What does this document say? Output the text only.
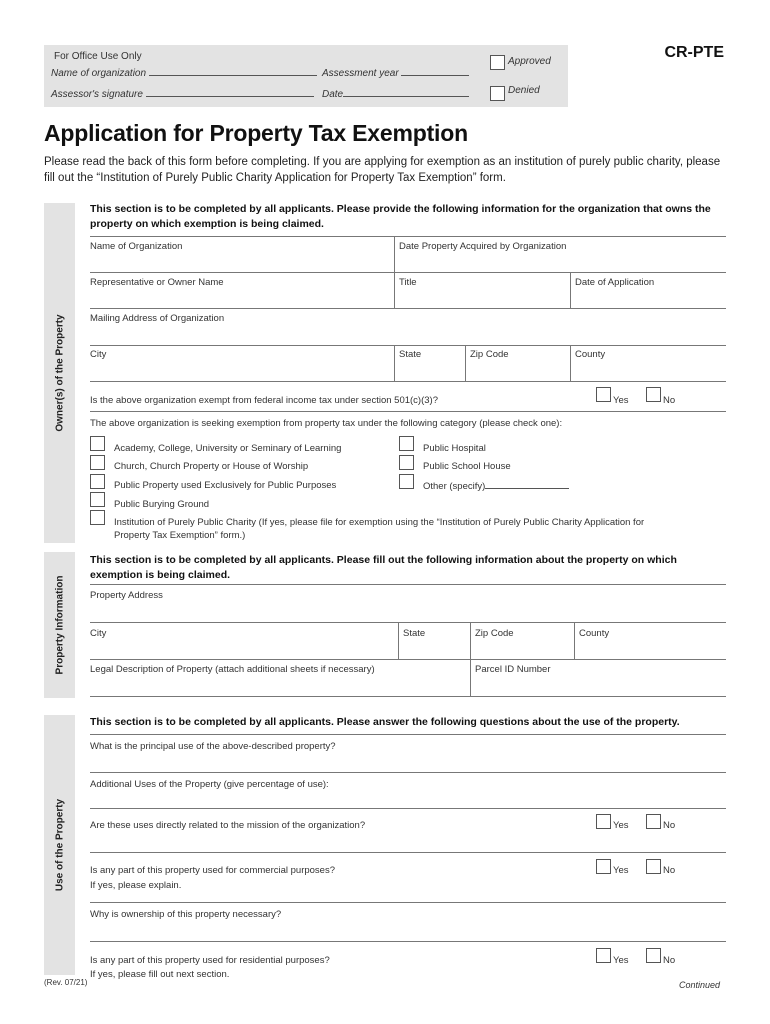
For Office Use Only
Name of organization	Assessment year
Assessor's signature	Date
Approved
Denied
CR-PTE
Application for Property Tax Exemption
Please read the back of this form before completing. If you are applying for exemption as an institution of purely public charity, please fill out the “Institution of Purely Public Charity Application for Property Tax Exemption” form.
Owner(s) of the Property
This section is to be completed by all applicants. Please provide the following information for the organization that owns the property on which exemption is being claimed.
Name of Organization	Date Property Acquired by Organization
Representative or Owner Name	Title	Date of Application
Mailing Address of Organization
City	State	Zip Code	County
Is the above organization exempt from federal income tax under section 501(c)(3)?	Yes	No
The above organization is seeking exemption from property tax under the following category (please check one):
Academy, College, University or Seminary of Learning
Church, Church Property or House of Worship
Public Property used Exclusively for Public Purposes
Public Burying Ground
Institution of Purely Public Charity (If yes, please file for exemption using the “Institution of Purely Public Charity Application for
Property Tax Exemption” form.)
Public Hospital
Public School House
Other (specify)
Property Information
This section is to be completed by all applicants. Please fill out the following information about the property on which exemption is being claimed.
Property Address
City	State	Zip Code	County
Legal Description of Property (attach additional sheets if necessary)	Parcel ID Number
Use of the Property
This section is to be completed by all applicants. Please answer the following questions about the use of the property.
What is the principal use of the above-described property?
Additional Uses of the Property (give percentage of use):
Are these uses directly related to the mission of the organization?	Yes	No
Is any part of this property used for commercial purposes?
If yes, please explain.
Yes	No
Why is ownership of this property necessary?
Is any part of this property used for residential purposes?
If yes, please fill out next section.
Yes	No
(Rev. 07/21)	Continued
